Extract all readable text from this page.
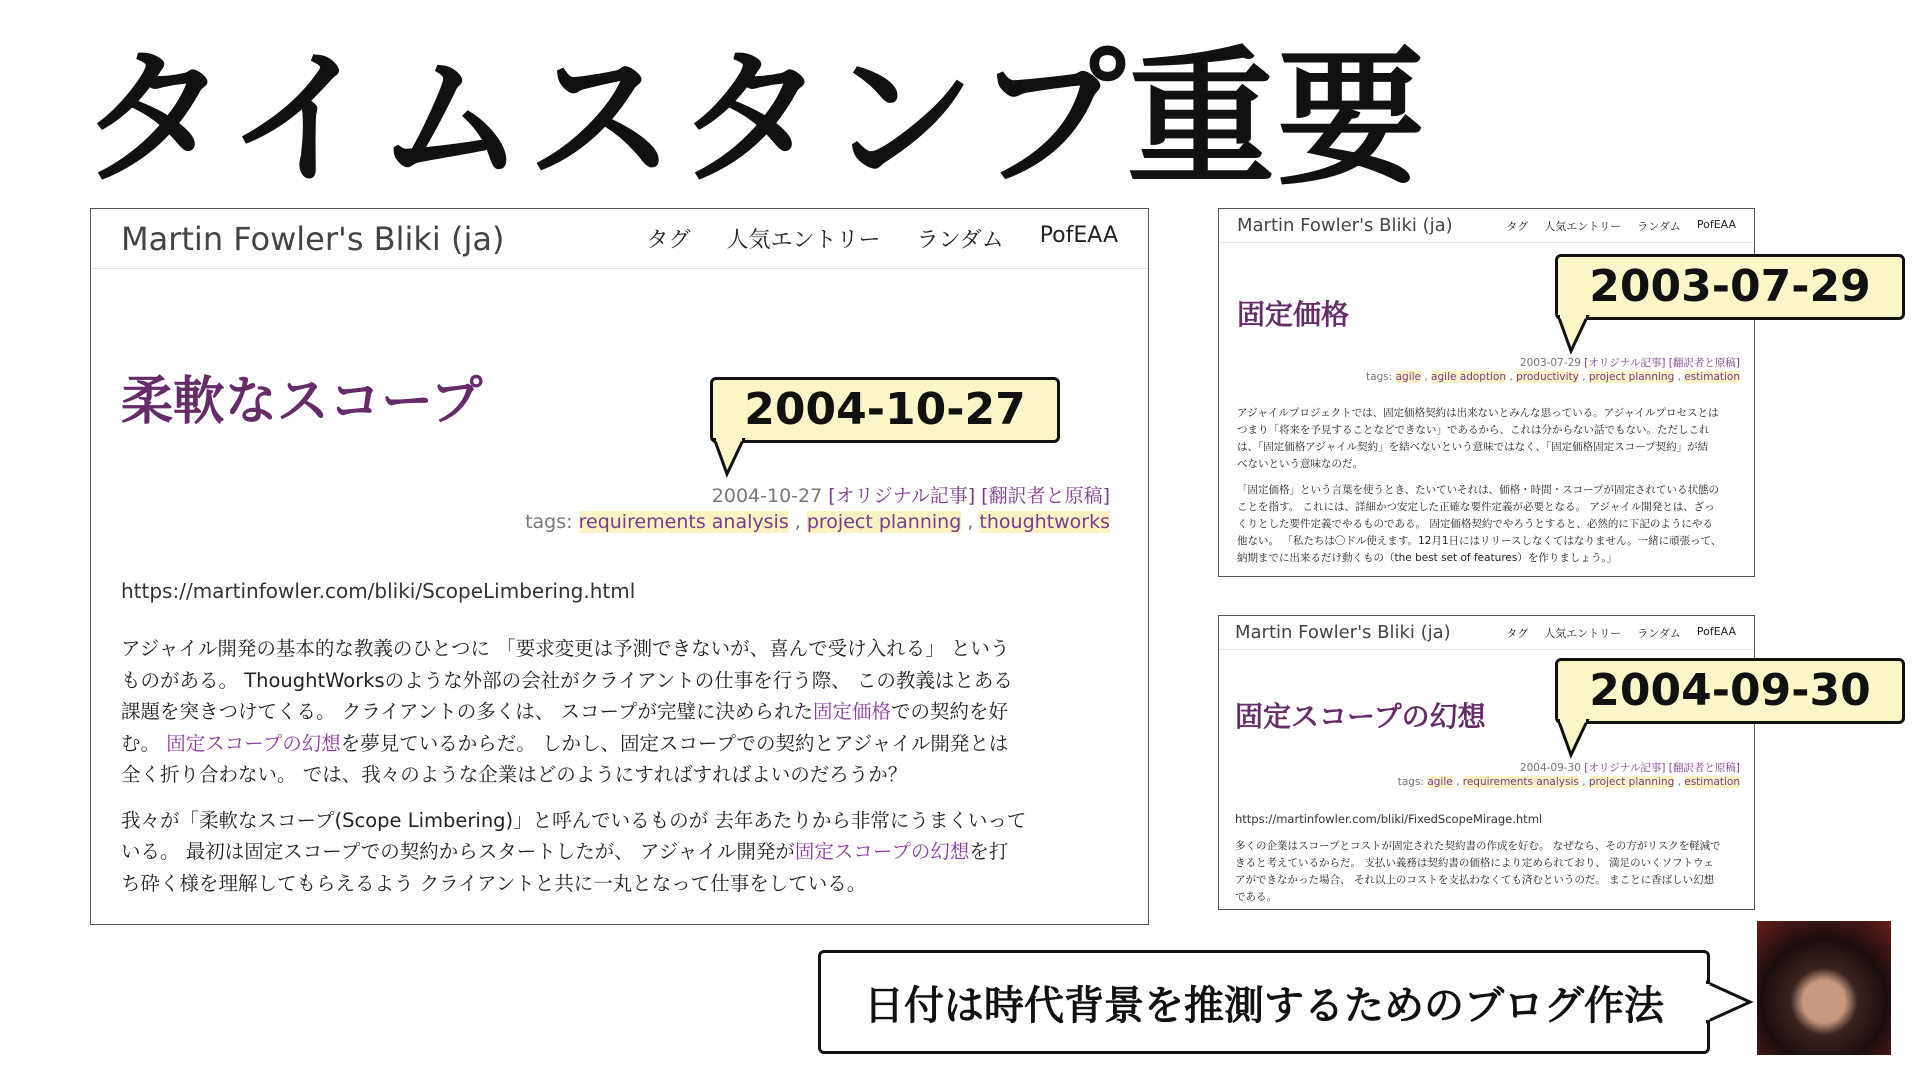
タイムスタンプ重要
Martin Fowler's Bliki (ja)	タグ 人気エントリー ランダム PofEAA
柔軟なスコープ
2004-10-27 [オリジナル記事] [翻訳者と原稿]
tags: requirements analysis , project planning , thoughtworks
https://martinfowler.com/bliki/ScopeLimbering.html

アジャイル開発の基本的な教義のひとつに 「要求変更は予測できないが、喜んで受け入れる」 という
ものがある。 ThoughtWorksのような外部の会社がクライアントの仕事を行う際、 この教義はとある
課題を突きつけてくる。 クライアントの多くは、 スコープが完璧に決められた固定価格での契約を好
む。 固定スコープの幻想を夢見ているからだ。 しかし、固定スコープでの契約とアジャイル開発とは
全く折り合わない。 では、我々のような企業はどのようにすればすればよいのだろうか？

我々が「柔軟なスコープ(Scope Limbering)」と呼んでいるものが 去年あたりから非常にうまくいって
いる。 最初は固定スコープでの契約からスタートしたが、 アジャイル開発が固定スコープの幻想を打
ち砕く様を理解してもらえるよう クライアントと共に一丸となって仕事をしている。

2004-10-27
Martin Fowler's Bliki (ja)	タグ 人気エントリー ランダム PofEAA
固定価格
2003-07-29 [オリジナル記事] [翻訳者と原稿]
tags: agile , agile adoption , productivity , project planning , estimation

アジャイルプロジェクトでは、固定価格契約は出来ないとみんな思っている。アジャイルプロセスとは
つまり「将来を予見することなどできない」であるから、これは分からない話でもない。ただしこれ
は、「固定価格アジャイル契約」を結べないという意味ではなく、「固定価格固定スコープ契約」が結
べないという意味なのだ。

「固定価格」という言葉を使うとき、たいていそれは、価格・時間・スコープが固定されている状態の
ことを指す。 これには、詳細かつ安定した正確な要件定義が必要となる。 アジャイル開発とは、ざっ
くりとした要件定義でやるものである。 固定価格契約でやろうとすると、必然的に下記のようにやる
他ない。 「私たちは〇ドル使えます。12月1日にはリリースしなくてはなりません。一緒に頑張って、
納期までに出来るだけ動くもの（the best set of features）を作りましょう。」

2003-07-29
Martin Fowler's Bliki (ja)	タグ 人気エントリー ランダム PofEAA
固定スコープの幻想
2004-09-30 [オリジナル記事] [翻訳者と原稿]
tags: agile , requirements analysis , project planning , estimation
https://martinfowler.com/bliki/FixedScopeMirage.html

多くの企業はスコープとコストが固定された契約書の作成を好む。 なぜなら、その方がリスクを軽減で
きると考えているからだ。 支払い義務は契約書の価格により定められており、 満足のいくソフトウェ
アができなかった場合、 それ以上のコストを支払わなくても済むというのだ。 まことに香ばしい幻想
である。

2004-09-30
日付は時代背景を推測するためのブログ作法
